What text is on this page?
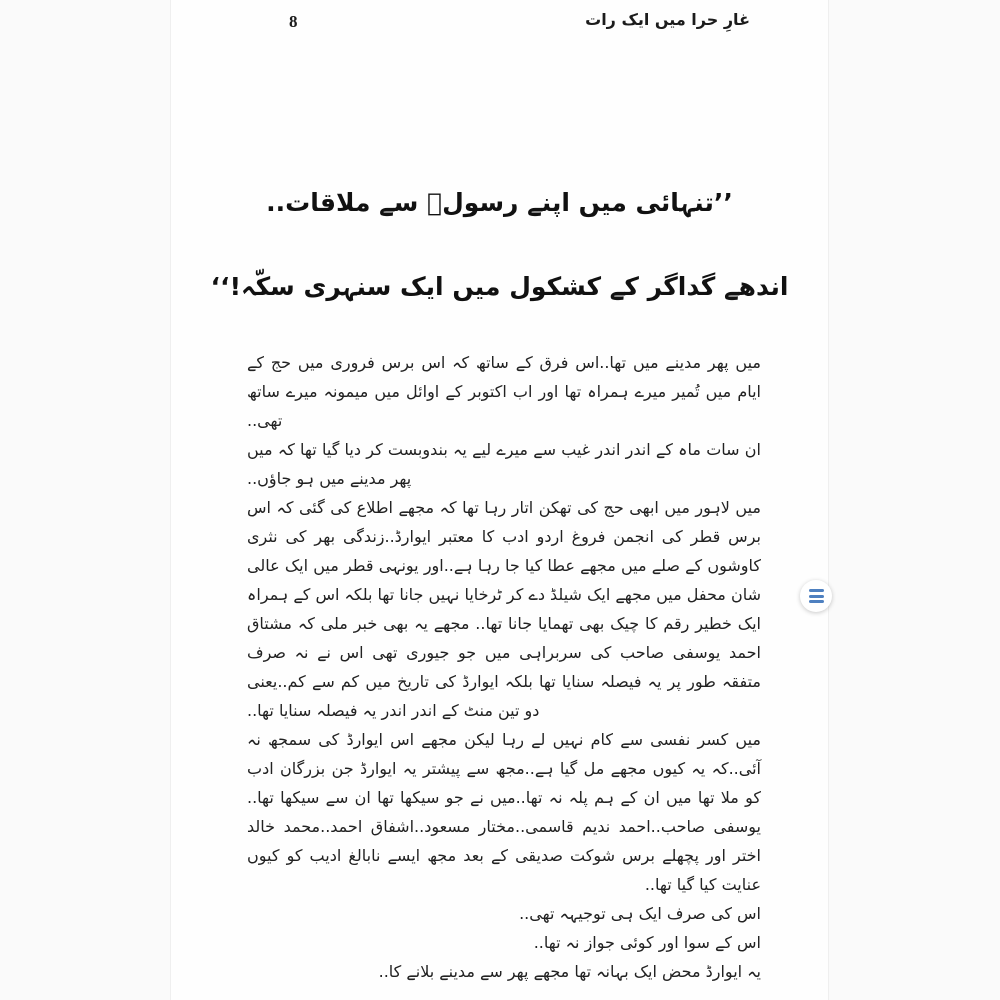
8	غارِ حرا میں ایک رات
’’تنہائی میں اپنے رسولؐ سے ملاقات..
اندھے گداگر کے کشکول میں ایک سنہری سکّہ!‘‘

میں پھر مدینے میں تھا..اس فرق کے ساتھ کہ اس برس فروری میں حج کے ایام میں تُمیر میرے ہمراہ تھا اور اب اکتوبر کے اوائل میں میمونہ میرے ساتھ تھی..

ان سات ماہ کے اندر اندر غیب سے میرے لیے یہ بندوبست کر دیا گیا تھا کہ میں پھر مدینے میں ہو جاؤں..

میں لاہور میں ابھی حج کی تھکن اتار رہا تھا کہ مجھے اطلاع کی گئی کہ اس برس قطر کی انجمن فروغ اردو ادب کا معتبر ایوارڈ..زندگی بھر کی نثری کاوشوں کے صلے میں مجھے عطا کیا جا رہا ہے..اور یونہی قطر میں ایک عالی شان محفل میں مجھے ایک شیلڈ دے کر ٹرخایا نہیں جانا تھا بلکہ اس کے ہمراہ ایک خطیر رقم کا چیک بھی تھمایا جانا تھا.. مجھے یہ بھی خبر ملی کہ مشتاق احمد یوسفی صاحب کی سربراہی میں جو جیوری تھی اس نے نہ صرف متفقہ طور پر یہ فیصلہ سنایا تھا بلکہ ایوارڈ کی تاریخ میں کم سے کم..یعنی دو تین منٹ کے اندر اندر یہ فیصلہ سنایا تھا..

میں کسر نفسی سے کام نہیں لے رہا لیکن مجھے اس ایوارڈ کی سمجھ نہ آئی..کہ یہ کیوں مجھے مل گیا ہے..مجھ سے پیشتر یہ ایوارڈ جن بزرگان ادب کو ملا تھا میں ان کے ہم پلہ نہ تھا..میں نے جو سیکھا تھا ان سے سیکھا تھا.. یوسفی صاحب..احمد ندیم قاسمی..مختار مسعود..اشفاق احمد..محمد خالد اختر اور پچھلے برس شوکت صدیقی کے بعد مجھ ایسے نابالغ ادیب کو کیوں عنایت کیا گیا تھا..

اس کی صرف ایک ہی توجیہہ تھی..

اس کے سوا اور کوئی جواز نہ تھا..

یہ ایوارڈ محض ایک بہانہ تھا مجھے پھر سے مدینے بلانے کا..
